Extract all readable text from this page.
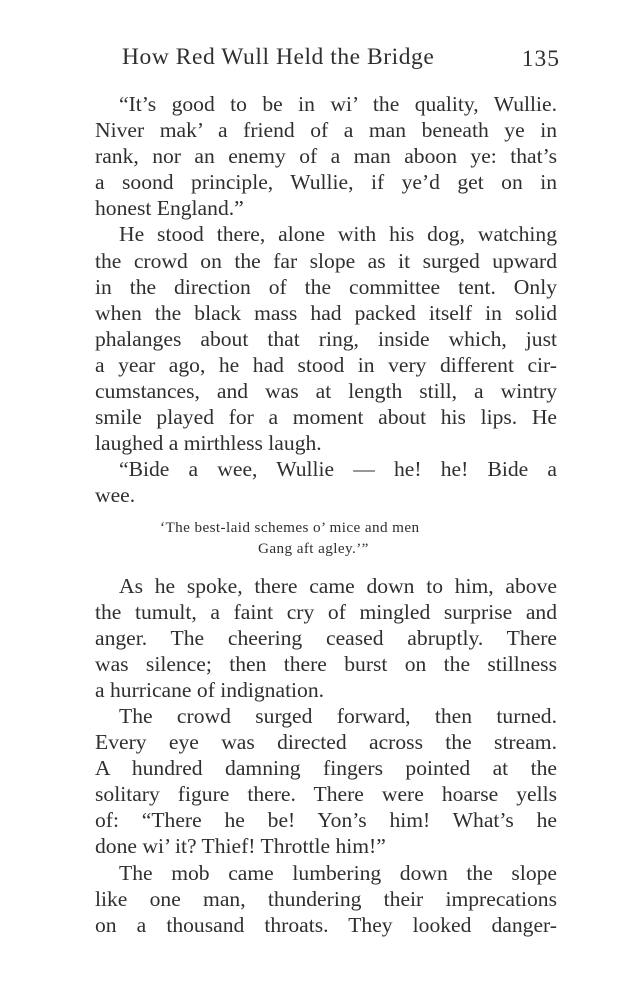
How Red Wull Held the Bridge	135
“It’s good to be in wi’ the quality, Wullie.
Niver mak’ a friend of a man beneath ye in
rank, nor an enemy of a man aboon ye: that’s
a soond principle, Wullie, if ye’d get on in
honest England.”
He stood there, alone with his dog, watching
the crowd on the far slope as it surged upward
in the direction of the committee tent. Only
when the black mass had packed itself in solid
phalanges about that ring, inside which, just
a year ago, he had stood in very different cir-
cumstances, and was at length still, a wintry
smile played for a moment about his lips. He
laughed a mirthless laugh.
“Bide a wee, Wullie — he! he! Bide a
wee.
‘The best-laid schemes o’ mice and men
Gang aft agley.’”
As he spoke, there came down to him, above
the tumult, a faint cry of mingled surprise and
anger. The cheering ceased abruptly. There
was silence; then there burst on the stillness
a hurricane of indignation.
The crowd surged forward, then turned.
Every eye was directed across the stream.
A hundred damning fingers pointed at the
solitary figure there. There were hoarse yells
of: “There he be! Yon’s him! What’s he
done wi’ it? Thief! Throttle him!”
The mob came lumbering down the slope
like one man, thundering their imprecations
on a thousand throats. They looked danger-
